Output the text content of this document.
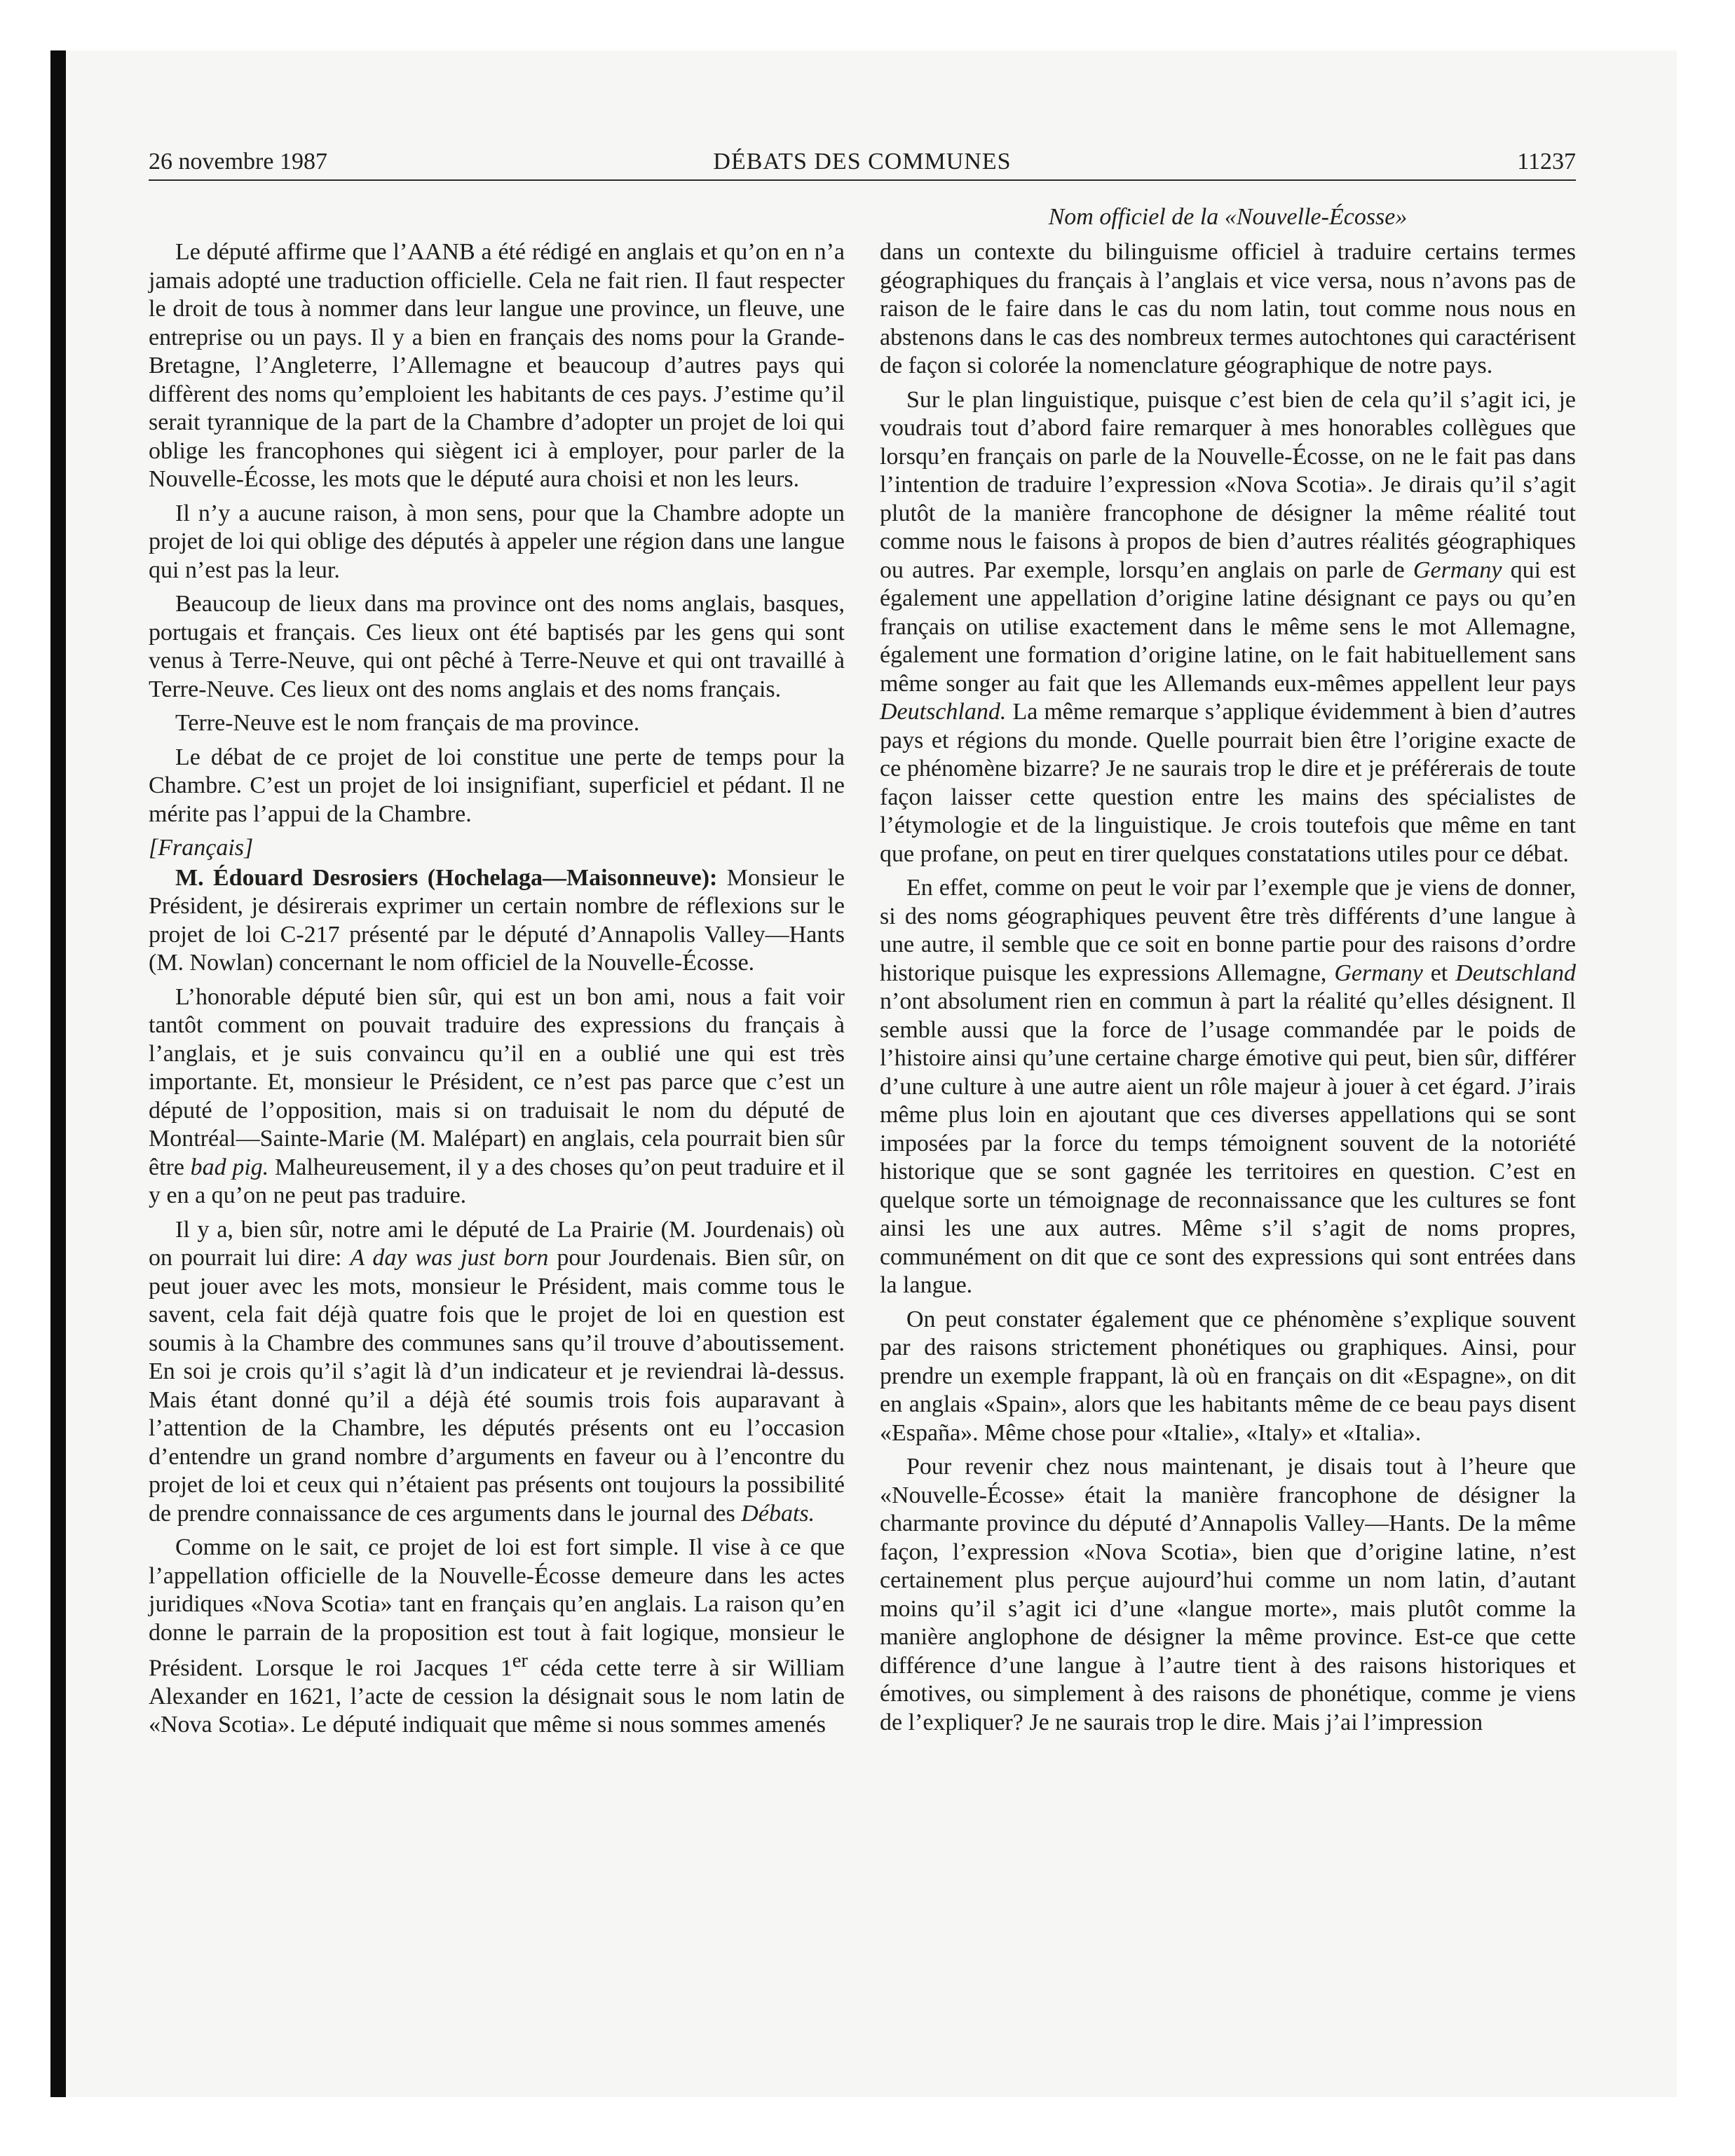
26 novembre 1987	DÉBATS DES COMMUNES	11237
Nom officiel de la «Nouvelle-Écosse»

Le député affirme que l’AANB a été rédigé en anglais et qu’on en n’a jamais adopté une traduction officielle. Cela ne fait rien. Il faut respecter le droit de tous à nommer dans leur langue une province, un fleuve, une entreprise ou un pays. Il y a bien en français des noms pour la Grande-Bretagne, l’Angleterre, l’Allemagne et beaucoup d’autres pays qui diffèrent des noms qu’emploient les habitants de ces pays. J’estime qu’il serait tyrannique de la part de la Chambre d’adopter un projet de loi qui oblige les francophones qui siègent ici à employer, pour parler de la Nouvelle-Écosse, les mots que le député aura choisi et non les leurs.

Il n’y a aucune raison, à mon sens, pour que la Chambre adopte un projet de loi qui oblige des députés à appeler une région dans une langue qui n’est pas la leur.

Beaucoup de lieux dans ma province ont des noms anglais, basques, portugais et français. Ces lieux ont été baptisés par les gens qui sont venus à Terre-Neuve, qui ont pêché à Terre-Neuve et qui ont travaillé à Terre-Neuve. Ces lieux ont des noms anglais et des noms français.

Terre-Neuve est le nom français de ma province.

Le débat de ce projet de loi constitue une perte de temps pour la Chambre. C’est un projet de loi insignifiant, superficiel et pédant. Il ne mérite pas l’appui de la Chambre.

[Français]

M. Édouard Desrosiers (Hochelaga—Maisonneuve): Monsieur le Président, je désirerais exprimer un certain nombre de réflexions sur le projet de loi C-217 présenté par le député d’Annapolis Valley—Hants (M. Nowlan) concernant le nom officiel de la Nouvelle-Écosse.

L’honorable député bien sûr, qui est un bon ami, nous a fait voir tantôt comment on pouvait traduire des expressions du français à l’anglais, et je suis convaincu qu’il en a oublié une qui est très importante. Et, monsieur le Président, ce n’est pas parce que c’est un député de l’opposition, mais si on traduisait le nom du député de Montréal—Sainte-Marie (M. Malépart) en anglais, cela pourrait bien sûr être bad pig. Malheureusement, il y a des choses qu’on peut traduire et il y en a qu’on ne peut pas traduire.

Il y a, bien sûr, notre ami le député de La Prairie (M. Jourdenais) où on pourrait lui dire: A day was just born pour Jourdenais. Bien sûr, on peut jouer avec les mots, monsieur le Président, mais comme tous le savent, cela fait déjà quatre fois que le projet de loi en question est soumis à la Chambre des communes sans qu’il trouve d’aboutissement. En soi je crois qu’il s’agit là d’un indicateur et je reviendrai là-dessus. Mais étant donné qu’il a déjà été soumis trois fois auparavant à l’attention de la Chambre, les députés présents ont eu l’occasion d’entendre un grand nombre d’arguments en faveur ou à l’encontre du projet de loi et ceux qui n’étaient pas présents ont toujours la possibilité de prendre connaissance de ces arguments dans le journal des Débats.

Comme on le sait, ce projet de loi est fort simple. Il vise à ce que l’appellation officielle de la Nouvelle-Écosse demeure dans les actes juridiques «Nova Scotia» tant en français qu’en anglais. La raison qu’en donne le parrain de la proposition est tout à fait logique, monsieur le Président. Lorsque le roi Jacques 1er céda cette terre à sir William Alexander en 1621, l’acte de cession la désignait sous le nom latin de «Nova Scotia». Le député indiquait que même si nous sommes amenés

dans un contexte du bilinguisme officiel à traduire certains termes géographiques du français à l’anglais et vice versa, nous n’avons pas de raison de le faire dans le cas du nom latin, tout comme nous nous en abstenons dans le cas des nombreux termes autochtones qui caractérisent de façon si colorée la nomenclature géographique de notre pays.

Sur le plan linguistique, puisque c’est bien de cela qu’il s’agit ici, je voudrais tout d’abord faire remarquer à mes honorables collègues que lorsqu’en français on parle de la Nouvelle-Écosse, on ne le fait pas dans l’intention de traduire l’expression «Nova Scotia». Je dirais qu’il s’agit plutôt de la manière francophone de désigner la même réalité tout comme nous le faisons à propos de bien d’autres réalités géographiques ou autres. Par exemple, lorsqu’en anglais on parle de Germany qui est également une appellation d’origine latine désignant ce pays ou qu’en français on utilise exactement dans le même sens le mot Allemagne, également une formation d’origine latine, on le fait habituellement sans même songer au fait que les Allemands eux-mêmes appellent leur pays Deutschland. La même remarque s’applique évidemment à bien d’autres pays et régions du monde. Quelle pourrait bien être l’origine exacte de ce phénomène bizarre? Je ne saurais trop le dire et je préférerais de toute façon laisser cette question entre les mains des spécialistes de l’étymologie et de la linguistique. Je crois toutefois que même en tant que profane, on peut en tirer quelques constatations utiles pour ce débat.

En effet, comme on peut le voir par l’exemple que je viens de donner, si des noms géographiques peuvent être très différents d’une langue à une autre, il semble que ce soit en bonne partie pour des raisons d’ordre historique puisque les expressions Allemagne, Germany et Deutschland n’ont absolument rien en commun à part la réalité qu’elles désignent. Il semble aussi que la force de l’usage commandée par le poids de l’histoire ainsi qu’une certaine charge émotive qui peut, bien sûr, différer d’une culture à une autre aient un rôle majeur à jouer à cet égard. J’irais même plus loin en ajoutant que ces diverses appellations qui se sont imposées par la force du temps témoignent souvent de la notoriété historique que se sont gagnée les territoires en question. C’est en quelque sorte un témoignage de reconnaissance que les cultures se font ainsi les une aux autres. Même s’il s’agit de noms propres, communément on dit que ce sont des expressions qui sont entrées dans la langue.

On peut constater également que ce phénomène s’explique souvent par des raisons strictement phonétiques ou graphiques. Ainsi, pour prendre un exemple frappant, là où en français on dit «Espagne», on dit en anglais «Spain», alors que les habitants même de ce beau pays disent «España». Même chose pour «Italie», «Italy» et «Italia».

Pour revenir chez nous maintenant, je disais tout à l’heure que «Nouvelle-Écosse» était la manière francophone de désigner la charmante province du député d’Annapolis Valley—Hants. De la même façon, l’expression «Nova Scotia», bien que d’origine latine, n’est certainement plus perçue aujourd’hui comme un nom latin, d’autant moins qu’il s’agit ici d’une «langue morte», mais plutôt comme la manière anglophone de désigner la même province. Est-ce que cette différence d’une langue à l’autre tient à des raisons historiques et émotives, ou simplement à des raisons de phonétique, comme je viens de l’expliquer? Je ne saurais trop le dire. Mais j’ai l’impression
